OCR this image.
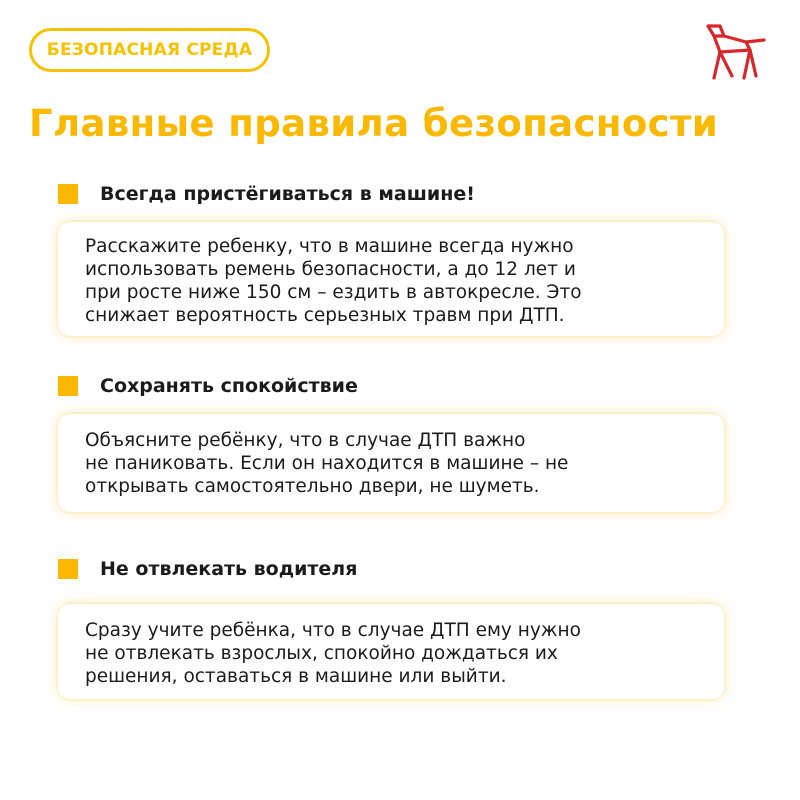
БЕЗОПАСНАЯ СРЕДА
Главные правила безопасности
Всегда пристёгиваться в машине!

Расскажите ребенку, что в машине всегда нужно
использовать ремень безопасности, а до 12 лет и
при росте ниже 150 см – ездить в автокресле. Это
снижает вероятность серьезных травм при ДТП.

Сохранять спокойствие

Объясните ребёнку, что в случае ДТП важно
не паниковать. Если он находится в машине – не
открывать самостоятельно двери, не шуметь.

Не отвлекать водителя

Сразу учите ребёнка, что в случае ДТП ему нужно
не отвлекать взрослых, спокойно дождаться их
решения, оставаться в машине или выйти.
